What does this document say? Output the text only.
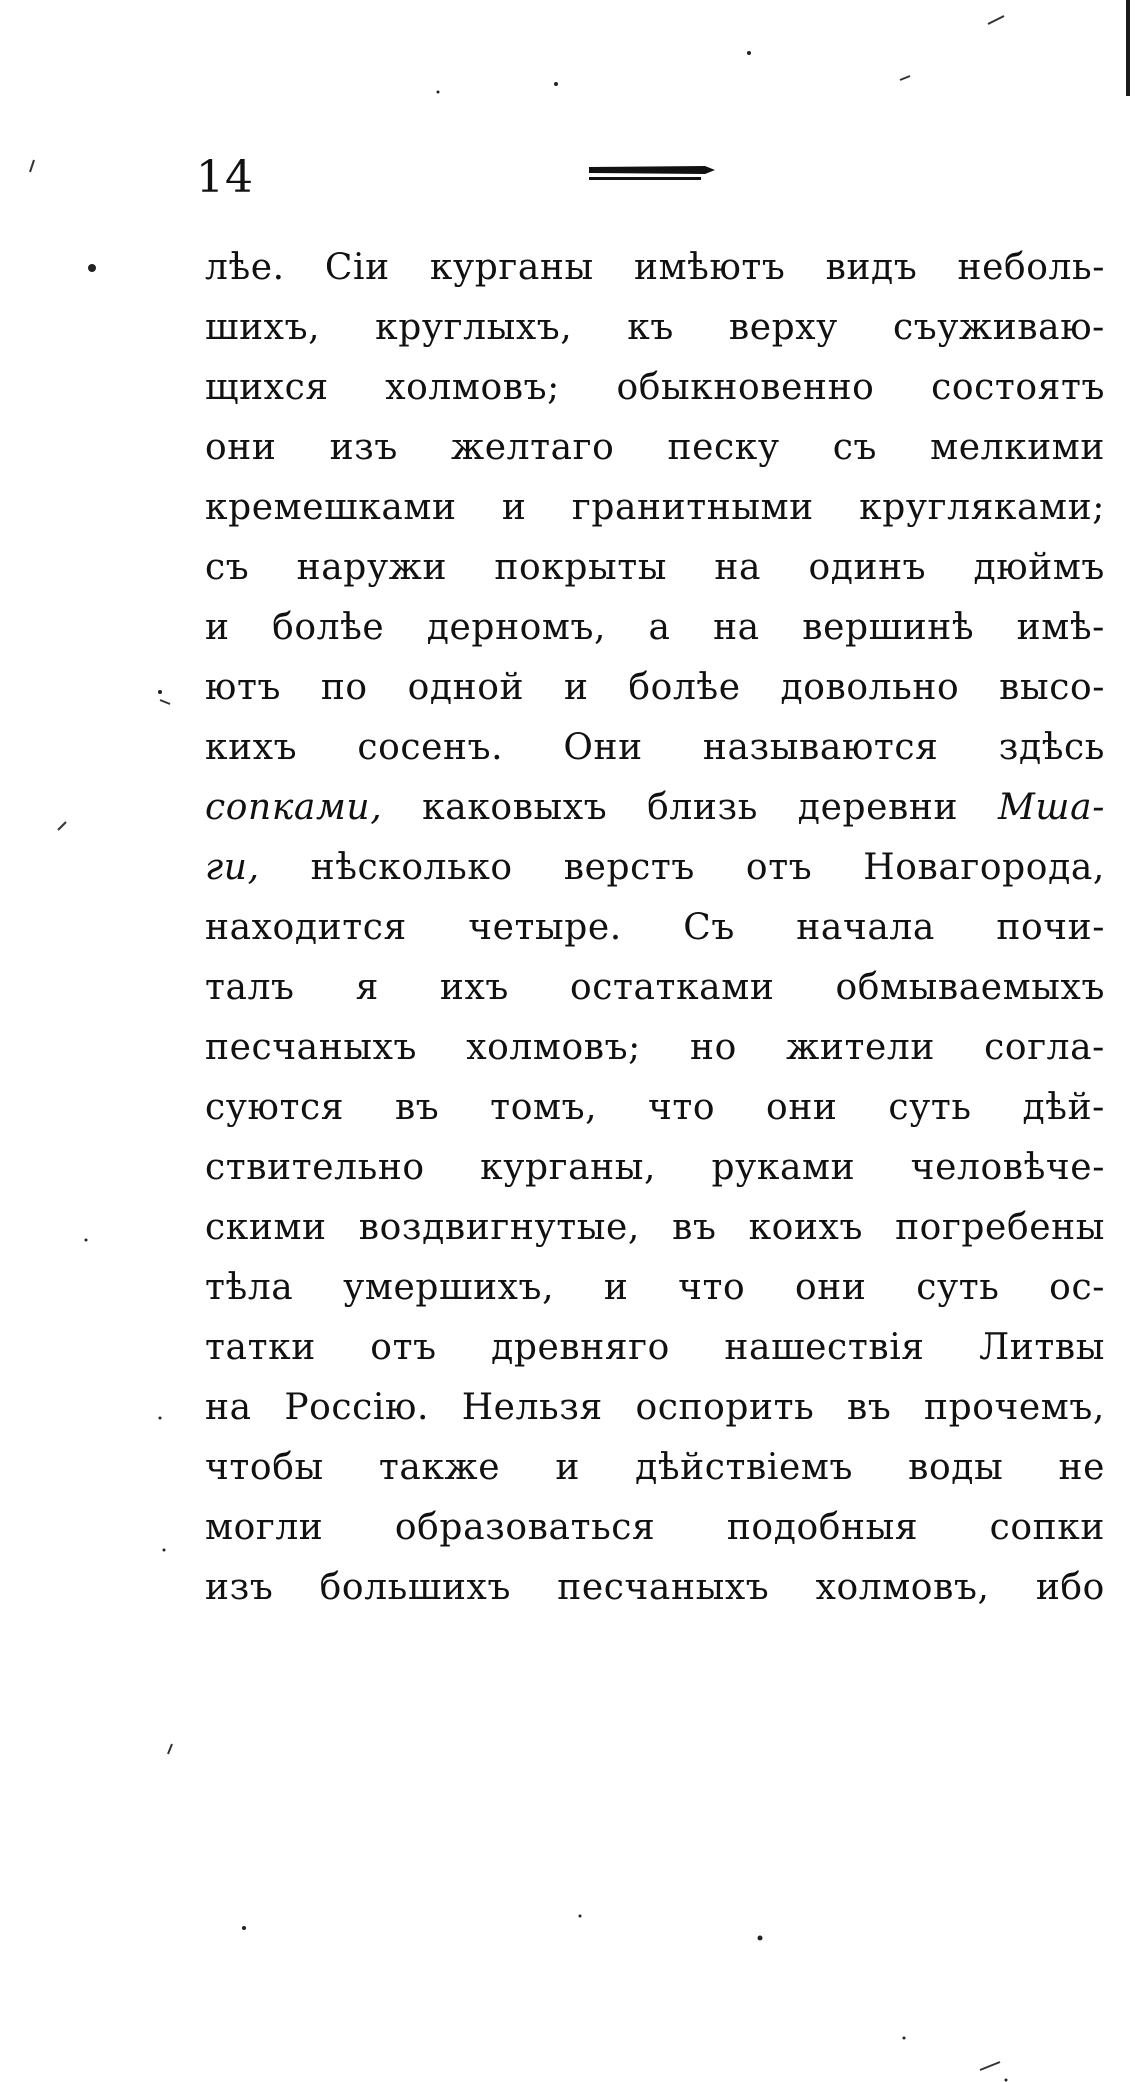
14
лѣе. Сіи курганы имѣютъ видъ неболь-
шихъ, круглыхъ, къ верху съуживаю-
щихся холмовъ; обыкновенно состоятъ
они изъ желтаго песку съ мелкими
кремешками и гранитными кругляками;
съ наружи покрыты на одинъ дюймъ
и болѣе дерномъ, а на вершинѣ имѣ-
ютъ по одной и болѣе довольно высо-
кихъ сосенъ. Они называются здѣсь
сопками, каковыхъ близь деревни Мша-
ги, нѣсколько верстъ отъ Новагорода,
находится четыре. Съ начала почи-
талъ я ихъ остатками обмываемыхъ
песчаныхъ холмовъ; но жители согла-
суются въ томъ, что они суть дѣй-
ствительно курганы, руками человѣче-
скими воздвигнутые, въ коихъ погребены
тѣла умершихъ, и что они суть ос-
татки отъ древняго нашествія Литвы
на Россію. Нельзя оспорить въ прочемъ,
чтобы также и дѣйствіемъ воды не
могли образоваться подобныя сопки
изъ большихъ песчаныхъ холмовъ, ибо
